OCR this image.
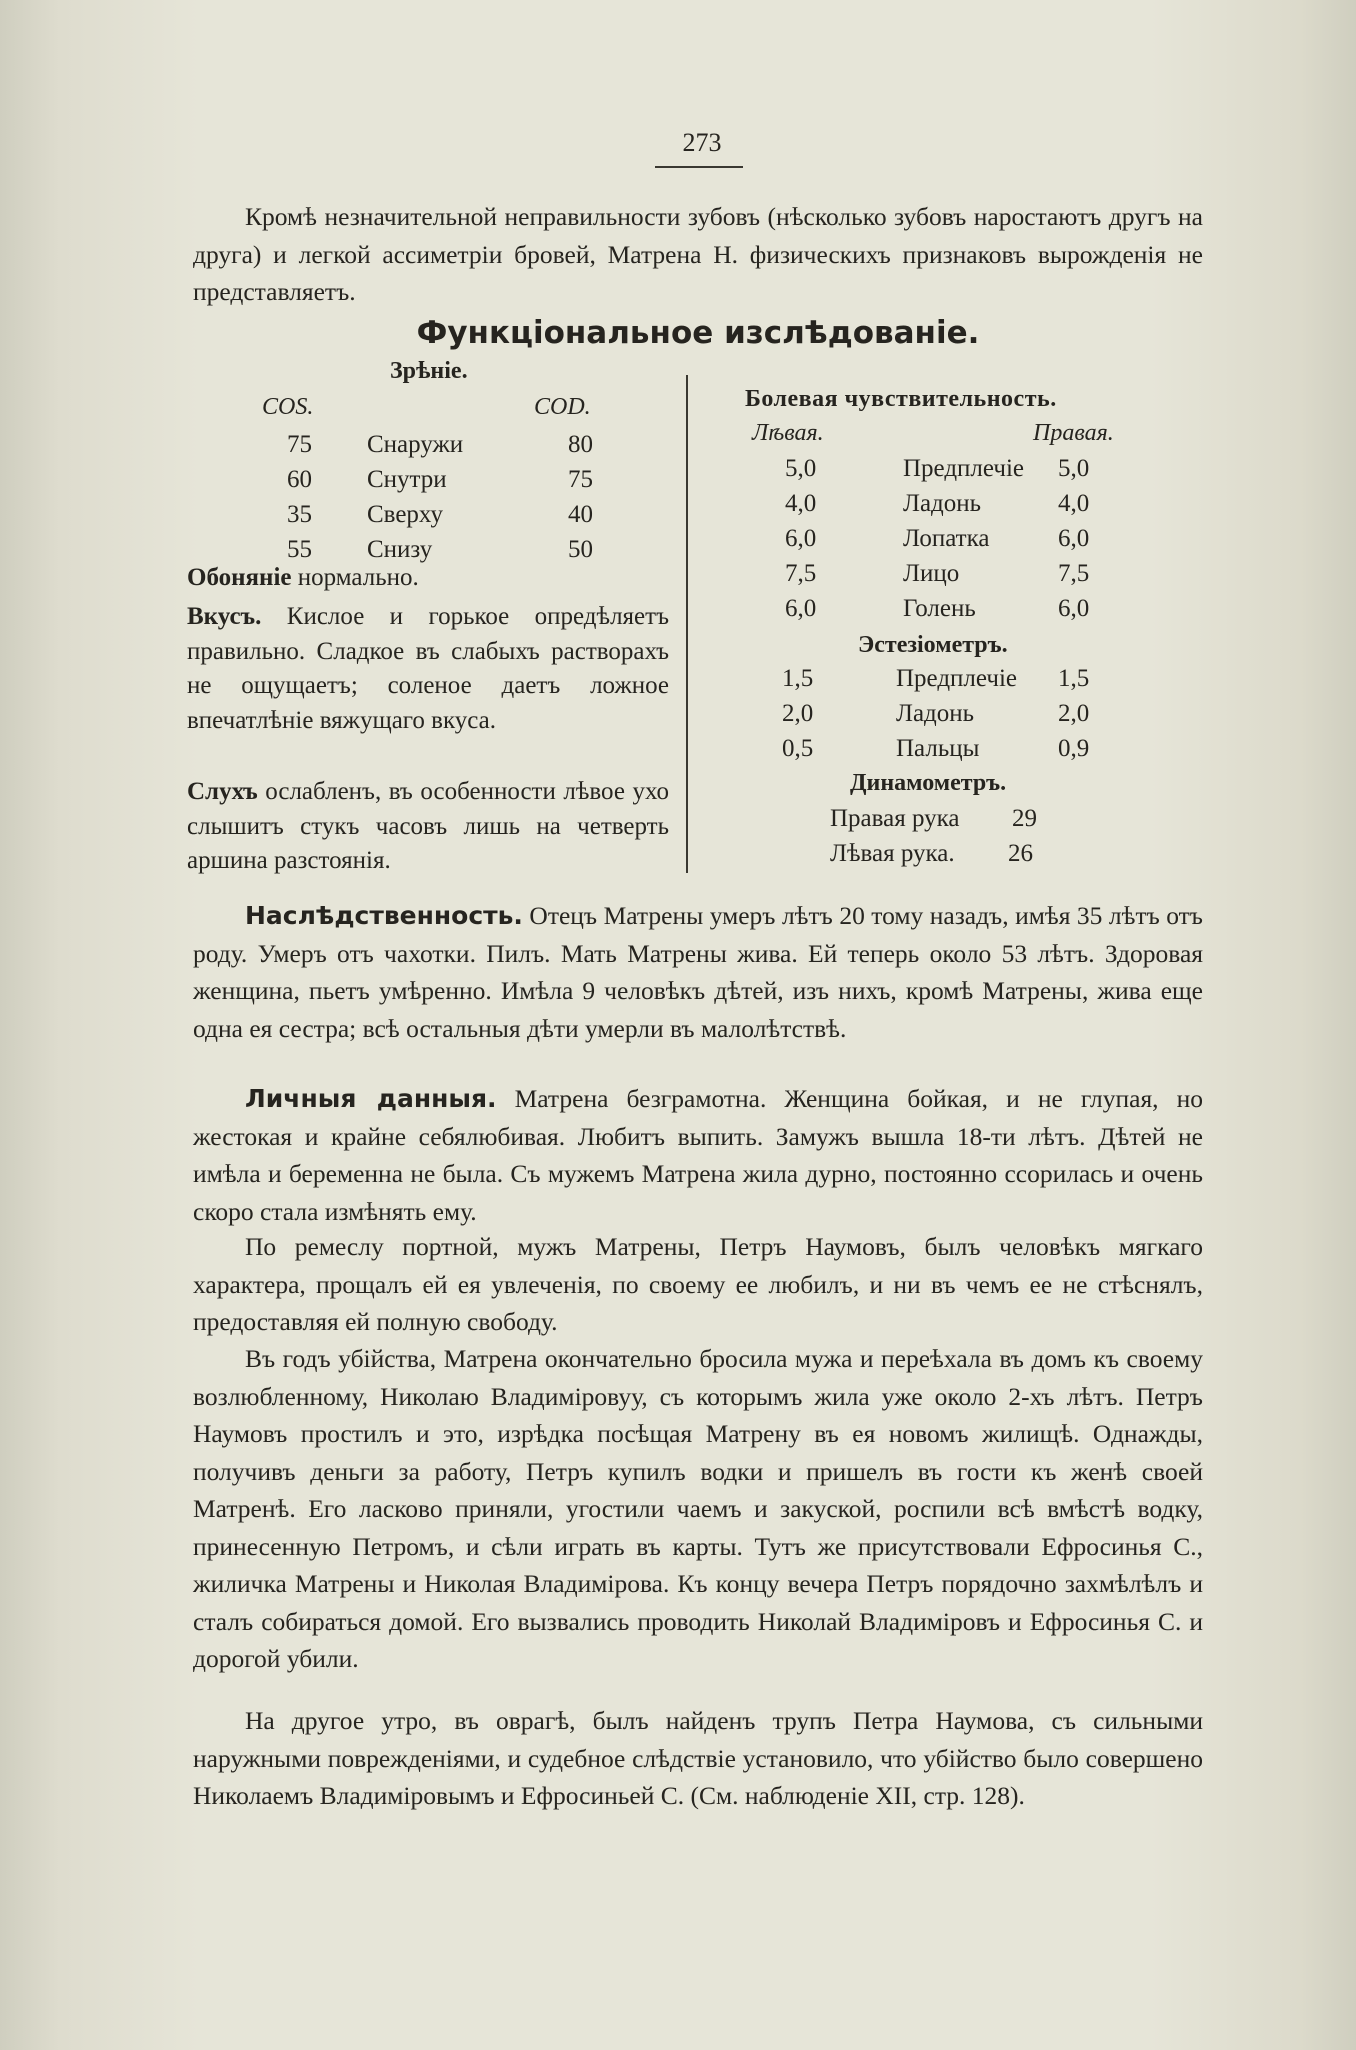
273

Кромѣ незначительной неправильности зубовъ (нѣсколько зубовъ нарoстаютъ другъ на друга) и легкой ассиметріи бровей, Матрена Н. физическихъ признаковъ вырожденія не представляетъ.

Функціональное изслѣдованіе.
Зрѣніе.
COS.	COD.
75 Снаружи	80
60 Снутри	75
35 Сверху	40
55 Снизу	50
Обоняніе нормально.

Вкусъ. Кислое и горькое опредѣляетъ правильно. Сладкое въ слабыхъ растворахъ не ощущаетъ; соленое даетъ ложное впечатлѣніе вяжущаго вкуса.

Слухъ ослабленъ, въ особенности лѣвое ухо слышитъ стукъ часовъ лишь на четверть аршина разстоянія.

Болевая чувствительность.
Лѣвая.	Правая.
5,0	Предплечіе 5,0
4,0	Ладонь	4,0
6,0	Лопатка	6,0
7,5	Лицо	7,5
6,0	Голень	6,0
Эстезіометръ.
1,5	Предплечіе 1,5
2,0	Ладонь	2,0
0,5	Пальцы	0,9
Динамометръ.
Правая рука 29
Лѣвая рука. 26

Наслѣдственность. Отецъ Матрены умеръ лѣтъ 20 тому назадъ, имѣя 35 лѣтъ отъ роду. Умеръ отъ чахотки. Пилъ. Мать Матрены жива. Ей теперь около 53 лѣтъ. Здоровая женщина, пьетъ умѣренно. Имѣла 9 человѣкъ дѣтей, изъ нихъ, кромѣ Матрены, жива еще одна ея сестра; всѣ остальныя дѣти умерли въ малолѣтствѣ.

Личныя данныя. Матрена безграмотна. Женщина бойкая, и не глупая, но жестокая и крайне себялюбивая. Любитъ выпить. Замужъ вышла 18-ти лѣтъ. Дѣтей не имѣла и беременна не была. Съ мужемъ Матрена жила дурно, постоянно ссорилась и очень скоро стала измѣнять ему.

По ремеслу портной, мужъ Матрены, Петръ Наумовъ, былъ человѣкъ мягкаго характера, прощалъ ей ея увлеченія, по своему ее любилъ, и ни въ чемъ ее не стѣснялъ, предоставляя ей полную свободу.

Въ годъ убійства, Матрена окончательно бросила мужа и переѣхала въ домъ къ своему возлюбленному, Николаю Владиміровуу, съ которымъ жила уже около 2-хъ лѣтъ. Петръ Наумовъ простилъ и это, изрѣдка посѣщая Матрену въ ея новомъ жилищѣ. Однажды, получивъ деньги за работу, Петръ купилъ водки и пришелъ въ гости къ женѣ своей Матренѣ. Его ласково приняли, угостили чаемъ и закуской, роспили всѣ вмѣстѣ водку, принесенную Петромъ, и сѣли играть въ карты. Тутъ же присутствовали Ефросинья С., жиличка Матрены и Николая Владимірова. Къ концу вечера Петръ порядочно захмѣлѣлъ и сталъ собираться домой. Его вызвались проводить Николай Владиміровъ и Ефросинья С. и дорогой убили.

На другое утро, въ оврагѣ, былъ найденъ трупъ Петра Наумова, съ сильными наружными поврежденіями, и судебное слѣдствіе установило, что убійство было совершено Николаемъ Владиміровымъ и Ефросиньей С. (См. наблюденіе XII, стр. 128).
